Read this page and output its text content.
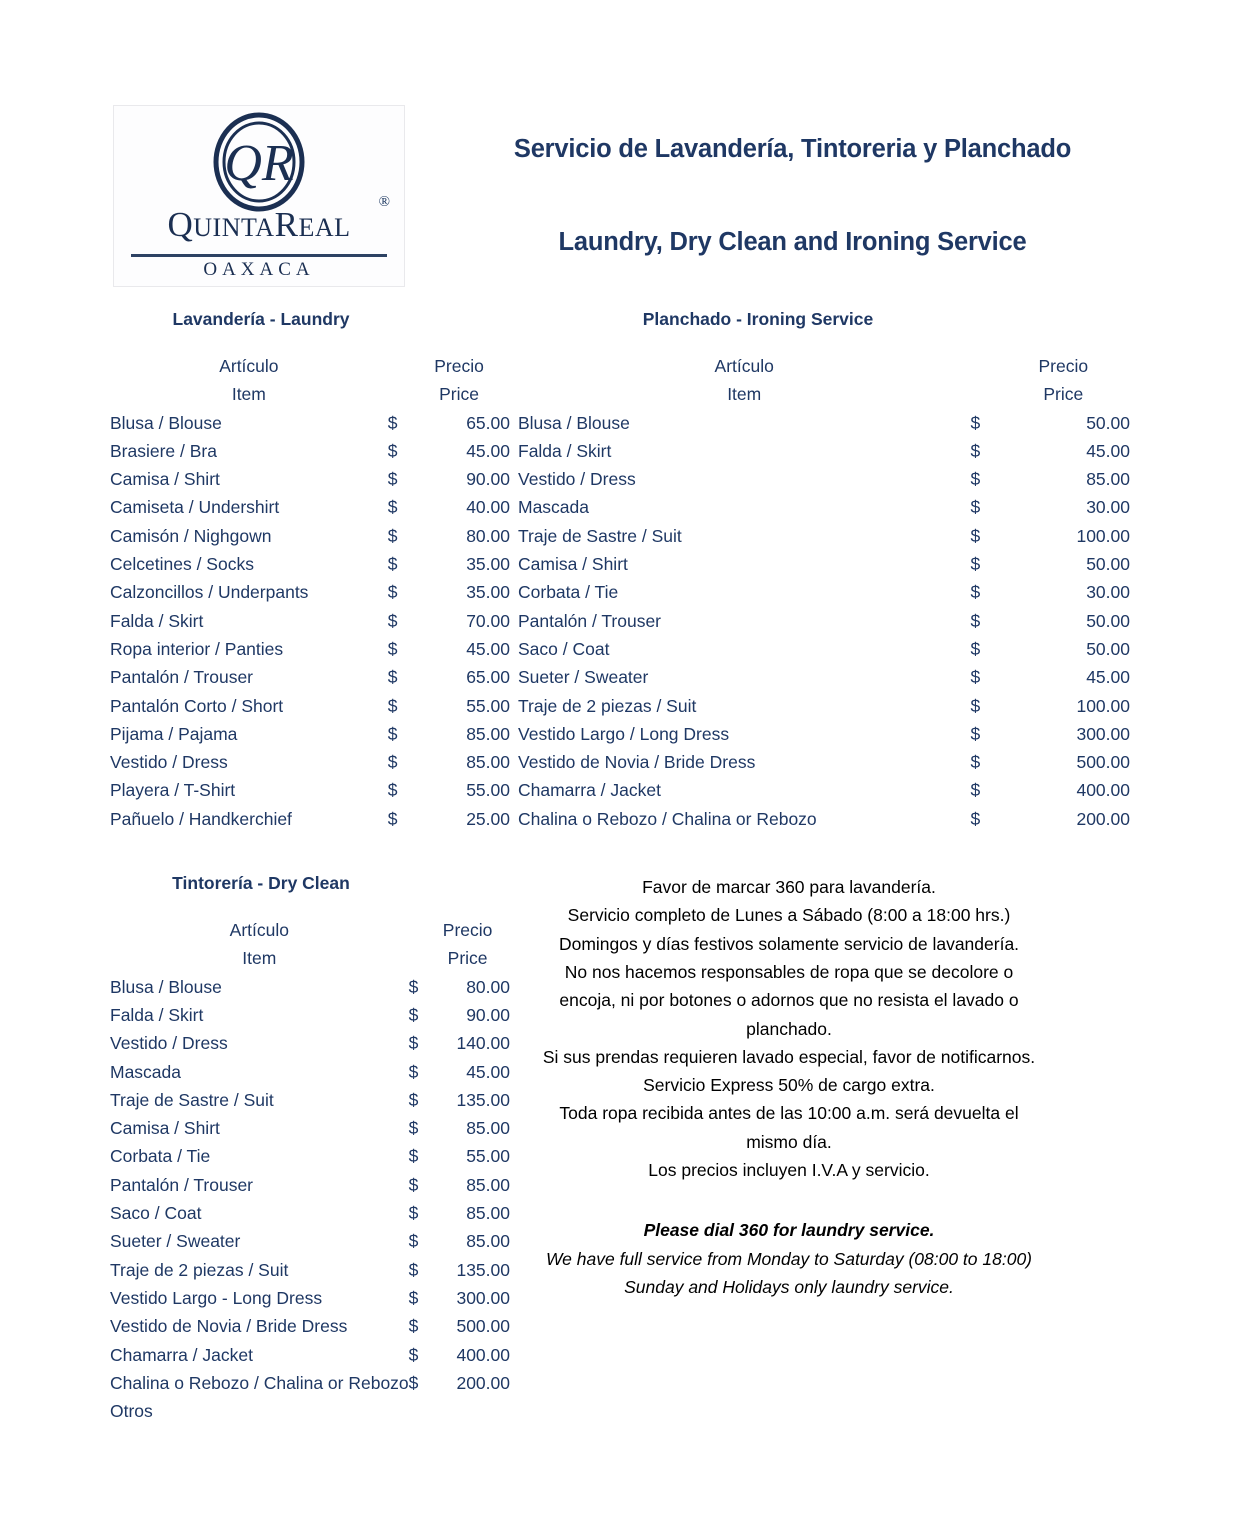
QR
®
QUINTAREAL
OAXACA
Servicio de Lavandería, Tintoreria y Planchado
Laundry, Dry Clean and Ironing Service
Lavandería - Laundry
Artículo		Precio
Item		Price

Blusa / Blouse	$	65.00
Brasiere / Bra	$	45.00
Camisa / Shirt	$	90.00
Camiseta / Undershirt	$	40.00
Camisón / Nighgown	$	80.00
Celcetines / Socks	$	35.00
Calzoncillos / Underpants	$	35.00
Falda / Skirt	$	70.00
Ropa interior / Panties	$	45.00
Pantalón / Trouser	$	65.00
Pantalón Corto / Short	$	55.00
Pijama / Pajama	$	85.00
Vestido / Dress	$	85.00
Playera / T-Shirt	$	55.00
Pañuelo / Handkerchief	$	25.00
Planchado - Ironing Service
Artículo		Precio
Item		Price

Blusa / Blouse	$	50.00
Falda / Skirt	$	45.00
Vestido / Dress	$	85.00
Mascada	$	30.00
Traje de Sastre / Suit	$	100.00
Camisa / Shirt	$	50.00
Corbata / Tie	$	30.00
Pantalón / Trouser	$	50.00
Saco / Coat	$	50.00
Sueter / Sweater	$	45.00
Traje de 2 piezas / Suit	$	100.00
Vestido Largo / Long Dress	$	300.00
Vestido de Novia / Bride Dress	$	500.00
Chamarra / Jacket	$	400.00
Chalina o Rebozo / Chalina or Rebozo	$	200.00
Tintorería - Dry Clean
Artículo		Precio
Item		Price
Blusa / Blouse	$	80.00
Falda / Skirt	$	90.00
Vestido / Dress	$	140.00
Mascada	$	45.00
Traje de Sastre / Suit	$	135.00
Camisa / Shirt	$	85.00
Corbata / Tie	$	55.00
Pantalón / Trouser	$	85.00
Saco / Coat	$	85.00
Sueter / Sweater	$	85.00
Traje de 2 piezas / Suit	$	135.00
Vestido Largo - Long Dress	$	300.00
Vestido de Novia / Bride Dress	$	500.00
Chamarra / Jacket	$	400.00
Chalina o Rebozo / Chalina or Rebozo	$	200.00
Otros		

Favor de marcar 360 para lavandería.

Servicio completo de Lunes a Sábado (8:00 a 18:00 hrs.)

Domingos y días festivos solamente servicio de lavandería.

No nos hacemos responsables de ropa que se decolore o encoja, ni por botones o adornos que no resista el lavado o planchado.

Si sus prendas requieren lavado especial, favor de notificarnos.

Servicio Express 50% de cargo extra.

Toda ropa recibida antes de las 10:00 a.m. será devuelta el mismo día.

Los precios incluyen I.V.A y servicio.

Please dial 360 for laundry service.

We have full service from Monday to Saturday (08:00 to 18:00)

Sunday and Holidays only laundry service.
